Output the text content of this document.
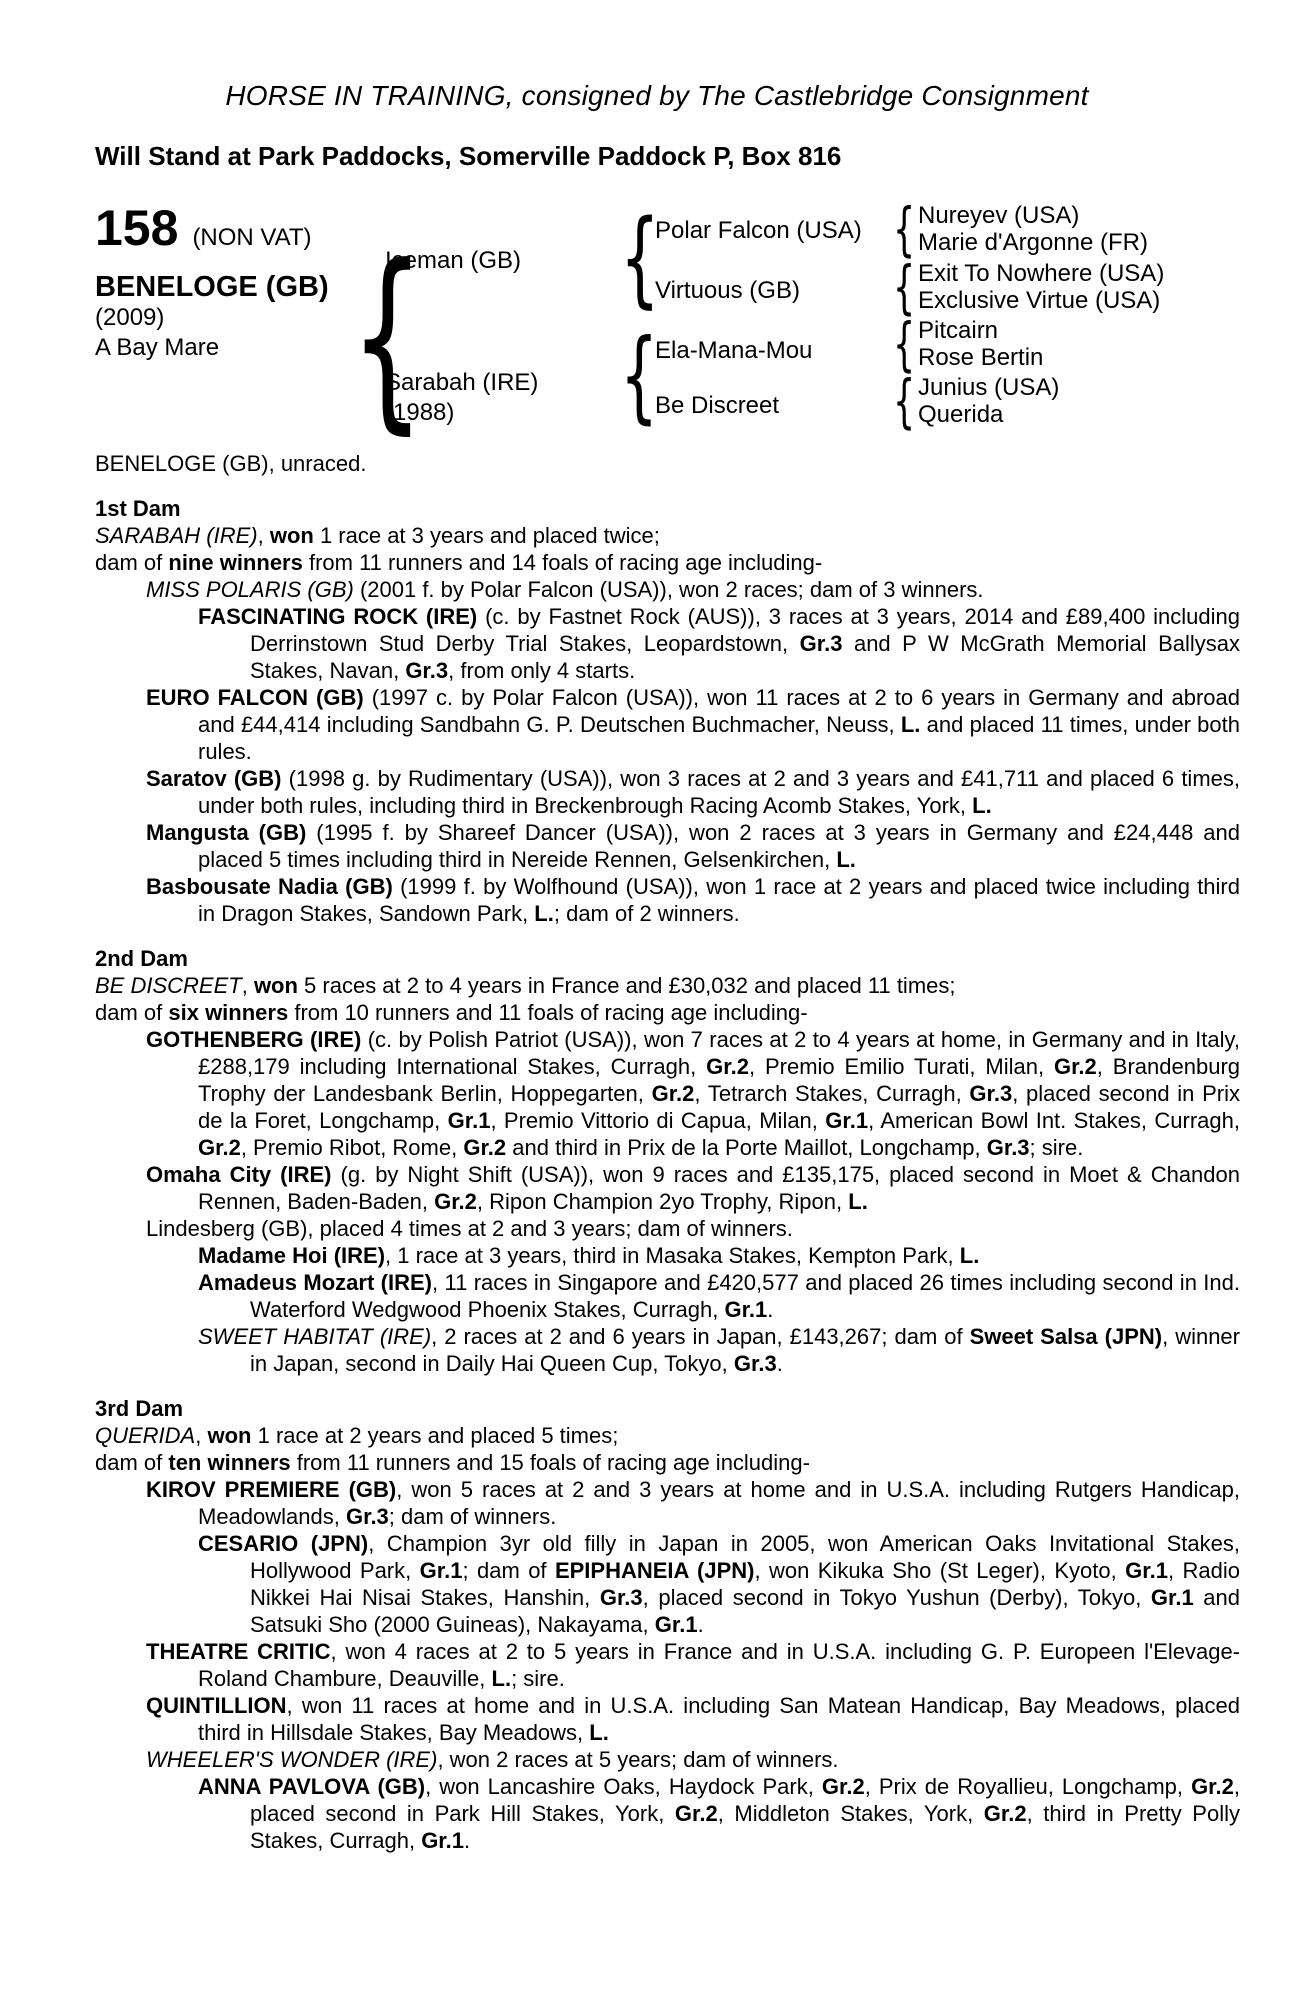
HORSE IN TRAINING, consigned by The Castlebridge Consignment
Will Stand at Park Paddocks, Somerville Paddock P, Box 816
158 (NON VAT)
BENELOGE (GB)
(2009)
A Bay Mare
{
{
{
{
{
{
{
Iceman (GB)
Sarabah (IRE)
(1988)
Polar Falcon (USA)
Virtuous (GB)
Ela-Mana-Mou
Be Discreet
Nureyev (USA)
Marie d'Argonne (FR)
Exit To Nowhere (USA)
Exclusive Virtue (USA)
Pitcairn
Rose Bertin
Junius (USA)
Querida
BENELOGE (GB), unraced.
1st Dam
SARABAH (IRE), won 1 race at 3 years and placed twice;
dam of nine winners from 11 runners and 14 foals of racing age including-
MISS POLARIS (GB) (2001 f. by Polar Falcon (USA)), won 2 races; dam of 3 winners.
FASCINATING ROCK (IRE) (c. by Fastnet Rock (AUS)), 3 races at 3 years, 2014 and £89,400 including Derrinstown Stud Derby Trial Stakes, Leopardstown, Gr.3 and P W McGrath Memorial Ballysax Stakes, Navan, Gr.3, from only 4 starts.
EURO FALCON (GB) (1997 c. by Polar Falcon (USA)), won 11 races at 2 to 6 years in Germany and abroad and £44,414 including Sandbahn G. P. Deutschen Buchmacher, Neuss, L. and placed 11 times, under both rules.
Saratov (GB) (1998 g. by Rudimentary (USA)), won 3 races at 2 and 3 years and £41,711 and placed 6 times, under both rules, including third in Breckenbrough Racing Acomb Stakes, York, L.
Mangusta (GB) (1995 f. by Shareef Dancer (USA)), won 2 races at 3 years in Germany and £24,448 and placed 5 times including third in Nereide Rennen, Gelsenkirchen, L.
Basbousate Nadia (GB) (1999 f. by Wolfhound (USA)), won 1 race at 2 years and placed twice including third in Dragon Stakes, Sandown Park, L.; dam of 2 winners.
2nd Dam
BE DISCREET, won 5 races at 2 to 4 years in France and £30,032 and placed 11 times;
dam of six winners from 10 runners and 11 foals of racing age including-
GOTHENBERG (IRE) (c. by Polish Patriot (USA)), won 7 races at 2 to 4 years at home, in Germany and in Italy, £288,179 including International Stakes, Curragh, Gr.2, Premio Emilio Turati, Milan, Gr.2, Brandenburg Trophy der Landesbank Berlin, Hoppegarten, Gr.2, Tetrarch Stakes, Curragh, Gr.3, placed second in Prix de la Foret, Longchamp, Gr.1, Premio Vittorio di Capua, Milan, Gr.1, American Bowl Int. Stakes, Curragh, Gr.2, Premio Ribot, Rome, Gr.2 and third in Prix de la Porte Maillot, Longchamp, Gr.3; sire.
Omaha City (IRE) (g. by Night Shift (USA)), won 9 races and £135,175, placed second in Moet & Chandon Rennen, Baden-Baden, Gr.2, Ripon Champion 2yo Trophy, Ripon, L.
Lindesberg (GB), placed 4 times at 2 and 3 years; dam of winners.
Madame Hoi (IRE), 1 race at 3 years, third in Masaka Stakes, Kempton Park, L.
Amadeus Mozart (IRE), 11 races in Singapore and £420,577 and placed 26 times including second in Ind. Waterford Wedgwood Phoenix Stakes, Curragh, Gr.1.
SWEET HABITAT (IRE), 2 races at 2 and 6 years in Japan, £143,267; dam of Sweet Salsa (JPN), winner in Japan, second in Daily Hai Queen Cup, Tokyo, Gr.3.
3rd Dam
QUERIDA, won 1 race at 2 years and placed 5 times;
dam of ten winners from 11 runners and 15 foals of racing age including-
KIROV PREMIERE (GB), won 5 races at 2 and 3 years at home and in U.S.A. including Rutgers Handicap, Meadowlands, Gr.3; dam of winners.
CESARIO (JPN), Champion 3yr old filly in Japan in 2005, won American Oaks Invitational Stakes, Hollywood Park, Gr.1; dam of EPIPHANEIA (JPN), won Kikuka Sho (St Leger), Kyoto, Gr.1, Radio Nikkei Hai Nisai Stakes, Hanshin, Gr.3, placed second in Tokyo Yushun (Derby), Tokyo, Gr.1 and Satsuki Sho (2000 Guineas), Nakayama, Gr.1.
THEATRE CRITIC, won 4 races at 2 to 5 years in France and in U.S.A. including G. P. Europeen l'Elevage-Roland Chambure, Deauville, L.; sire.
QUINTILLION, won 11 races at home and in U.S.A. including San Matean Handicap, Bay Meadows, placed third in Hillsdale Stakes, Bay Meadows, L.
WHEELER'S WONDER (IRE), won 2 races at 5 years; dam of winners.
ANNA PAVLOVA (GB), won Lancashire Oaks, Haydock Park, Gr.2, Prix de Royallieu, Longchamp, Gr.2, placed second in Park Hill Stakes, York, Gr.2, Middleton Stakes, York, Gr.2, third in Pretty Polly Stakes, Curragh, Gr.1.
